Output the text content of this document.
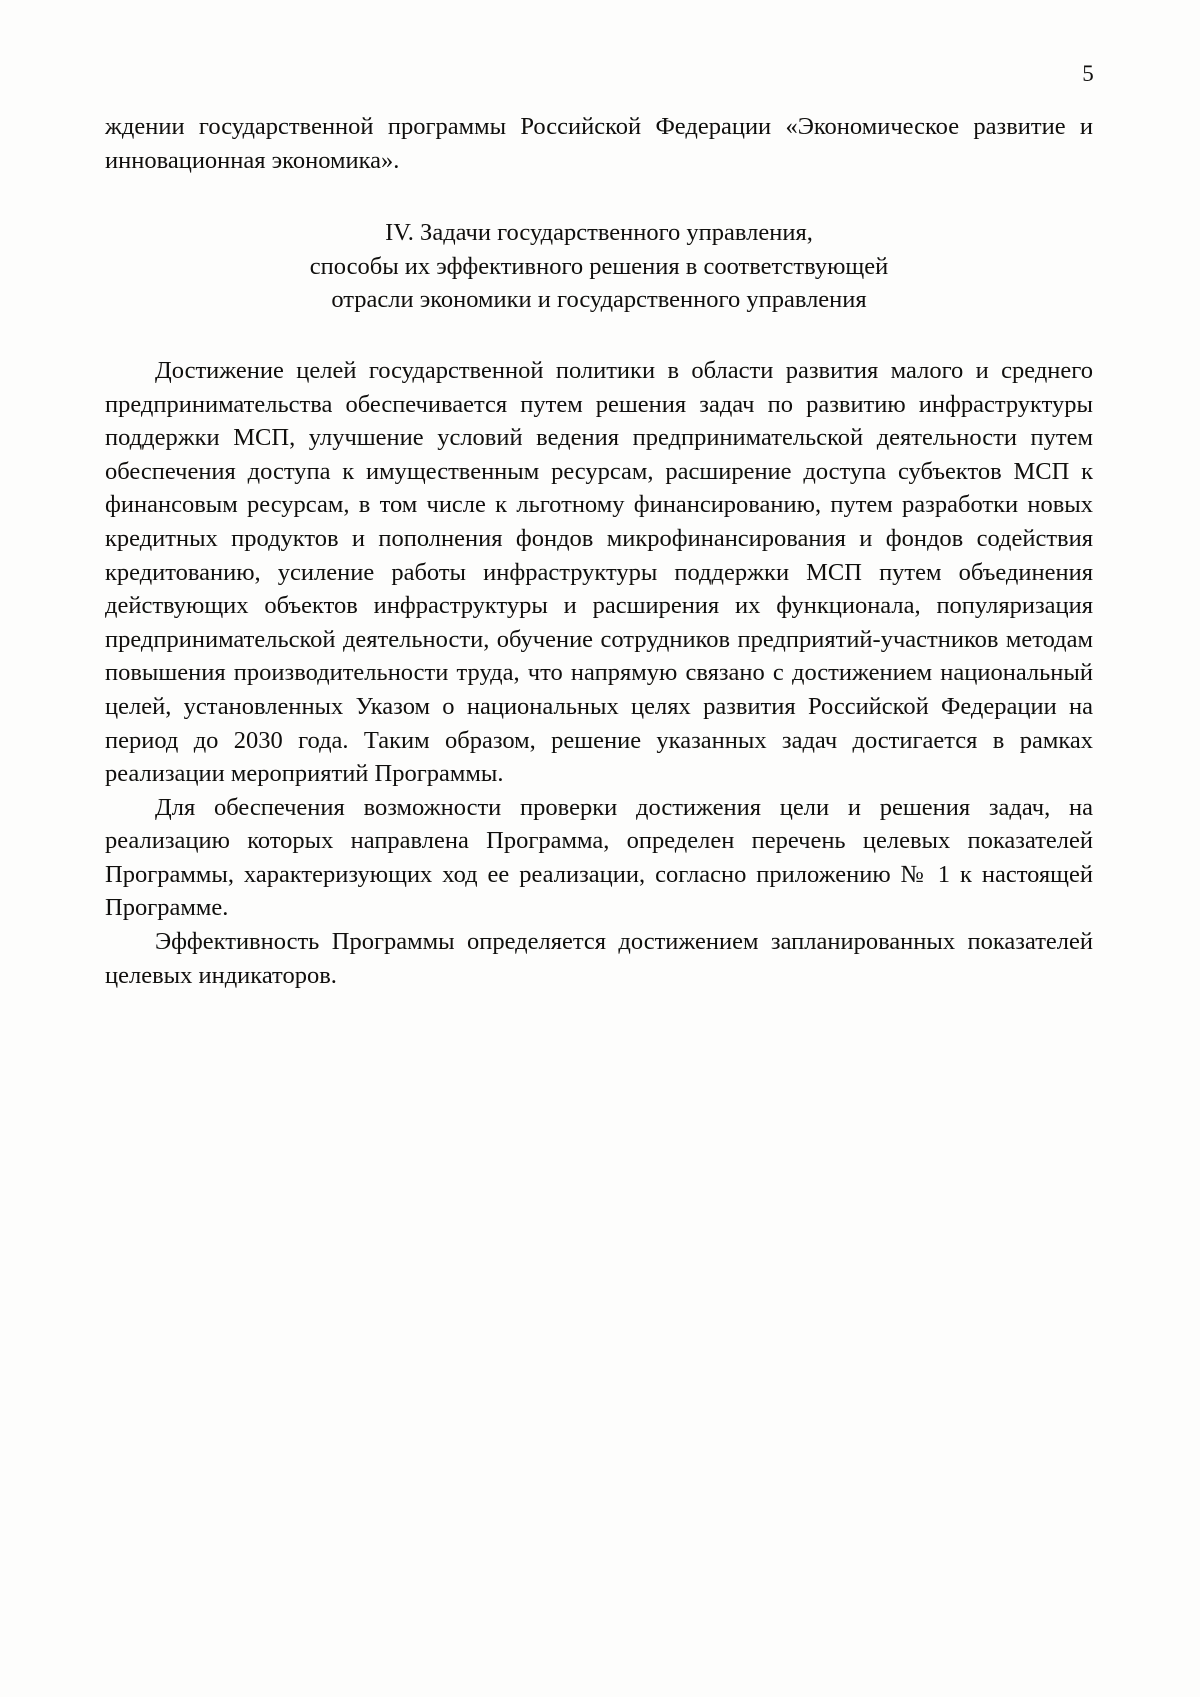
5

ждении государственной программы Российской Федерации «Экономическое развитие и инновационная экономика».

IV. Задачи государственного управления,
способы их эффективного решения в соответствующей
отрасли экономики и государственного управления

Достижение целей государственной политики в области развития малого и среднего предпринимательства обеспечивается путем решения задач по развитию инфраструктуры поддержки МСП, улучшение условий ведения предпринимательской деятельности путем обеспечения доступа к имущественным ресурсам, расширение доступа субъектов МСП к финансовым ресурсам, в том числе к льготному финансированию, путем разработки новых кредитных продуктов и пополнения фондов микрофинансирования и фондов содействия кредитованию, усиление работы инфраструктуры поддержки МСП путем объединения действующих объектов инфраструктуры и расширения их функционала, популяризация предпринимательской деятельности, обучение сотрудников предприятий-участников методам повышения производительности труда, что напрямую связано с достижением национальный целей, установленных Указом о национальных целях развития Российской Федерации на период до 2030 года. Таким образом, решение указанных задач достигается в рамках реализации мероприятий Программы.

Для обеспечения возможности проверки достижения цели и решения задач, на реализацию которых направлена Программа, определен перечень целевых показателей Программы, характеризующих ход ее реализации, согласно приложению № 1 к настоящей Программе.

Эффективность Программы определяется достижением запланированных показателей целевых индикаторов.
